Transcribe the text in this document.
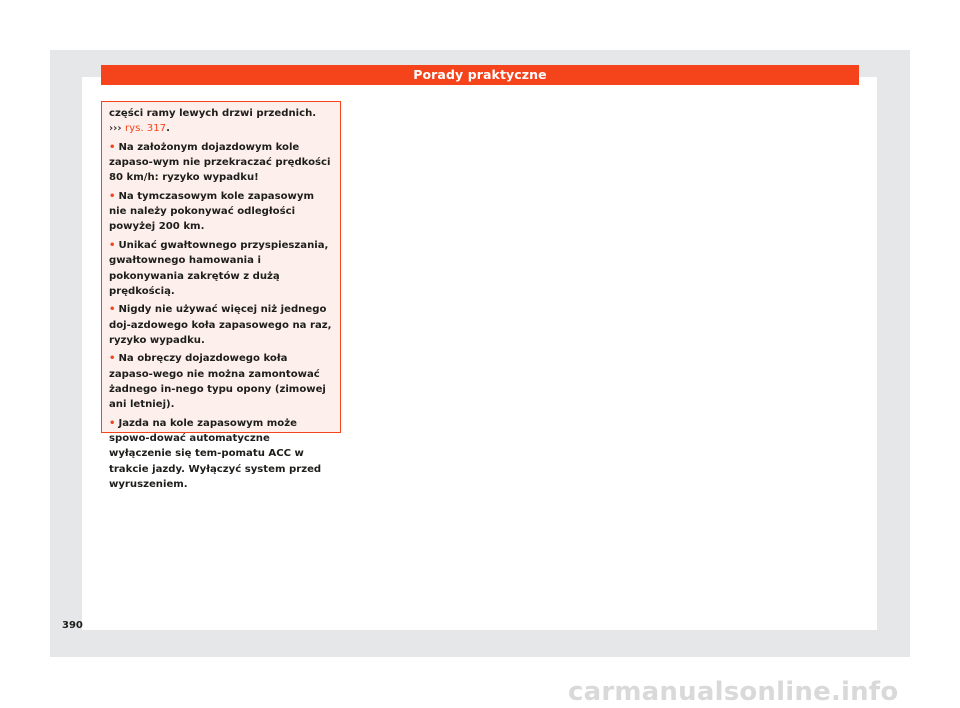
Porady praktyczne

części ramy lewych drzwi przednich.
››› rys. 317.

• Na założonym dojazdowym kole zapaso-wym nie przekraczać prędkości 80 km/h: ryzyko wypadku!

• Na tymczasowym kole zapasowym nie należy pokonywać odległości powyżej 200 km.

• Unikać gwałtownego przyspieszania, gwałtownego hamowania i pokonywania zakrętów z dużą prędkością.

• Nigdy nie używać więcej niż jednego doj-azdowego koła zapasowego na raz, ryzyko wypadku.

• Na obręczy dojazdowego koła zapaso-wego nie można zamontować żadnego in-nego typu opony (zimowej ani letniej).

• Jazda na kole zapasowym może spowo-dować automatyczne wyłączenie się tem-pomatu ACC w trakcie jazdy. Wyłączyć system przed wyruszeniem.

390
carmanualsonline.info
